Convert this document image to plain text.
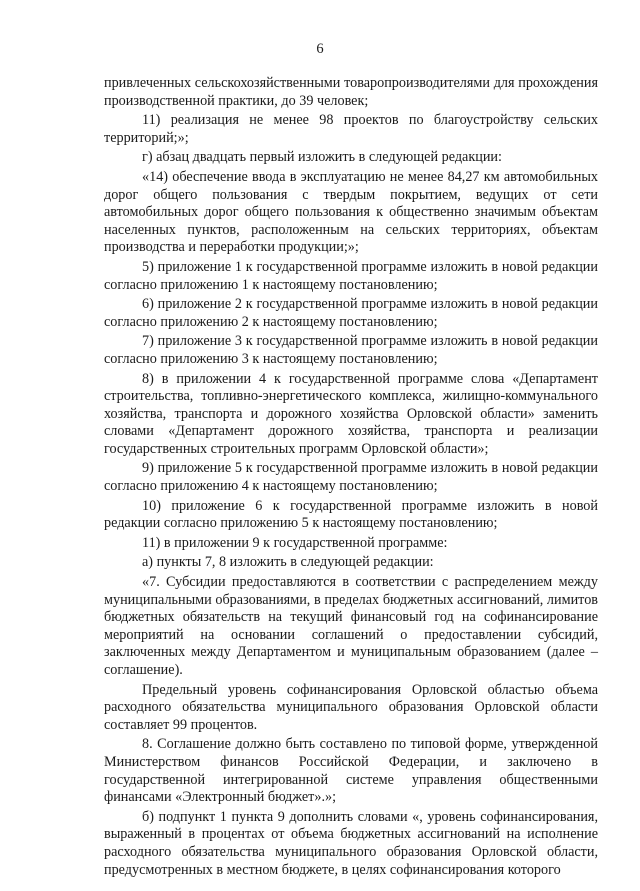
6

привлеченных сельскохозяйственными товаропроизводителями для прохождения производственной практики, до 39 человек;

11) реализация не менее 98 проектов по благоустройству сельских территорий;»;

г) абзац двадцать первый изложить в следующей редакции:

«14) обеспечение ввода в эксплуатацию не менее 84,27 км автомобильных дорог общего пользования с твердым покрытием, ведущих от сети автомобильных дорог общего пользования к общественно значимым объектам населенных пунктов, расположенным на сельских территориях, объектам производства и переработки продукции;»;

5) приложение 1 к государственной программе изложить в новой редакции согласно приложению 1 к настоящему постановлению;

6) приложение 2 к государственной программе изложить в новой редакции согласно приложению 2 к настоящему постановлению;

7) приложение 3 к государственной программе изложить в новой редакции согласно приложению 3 к настоящему постановлению;

8) в приложении 4 к государственной программе слова «Департамент строительства, топливно-энергетического комплекса, жилищно-коммунального хозяйства, транспорта и дорожного хозяйства Орловской области» заменить словами «Департамент дорожного хозяйства, транспорта и реализации государственных строительных программ Орловской области»;

9) приложение 5 к государственной программе изложить в новой редакции согласно приложению 4 к настоящему постановлению;

10) приложение 6 к государственной программе изложить в новой редакции согласно приложению 5 к настоящему постановлению;

11) в приложении 9 к государственной программе:

а) пункты 7, 8 изложить в следующей редакции:

«7. Субсидии предоставляются в соответствии с распределением между муниципальными образованиями, в пределах бюджетных ассигнований, лимитов бюджетных обязательств на текущий финансовый год на софинансирование мероприятий на основании соглашений о предоставлении субсидий, заключенных между Департаментом и муниципальным образованием (далее – соглашение).

Предельный уровень софинансирования Орловской областью объема расходного обязательства муниципального образования Орловской области составляет 99 процентов.

8. Соглашение должно быть составлено по типовой форме, утвержденной Министерством финансов Российской Федерации, и заключено в государственной интегрированной системе управления общественными финансами «Электронный бюджет».»;

б) подпункт 1 пункта 9 дополнить словами «, уровень софинансирования, выраженный в процентах от объема бюджетных ассигнований на исполнение расходного обязательства муниципального образования Орловской области, предусмотренных в местном бюджете, в целях софинансирования которого
